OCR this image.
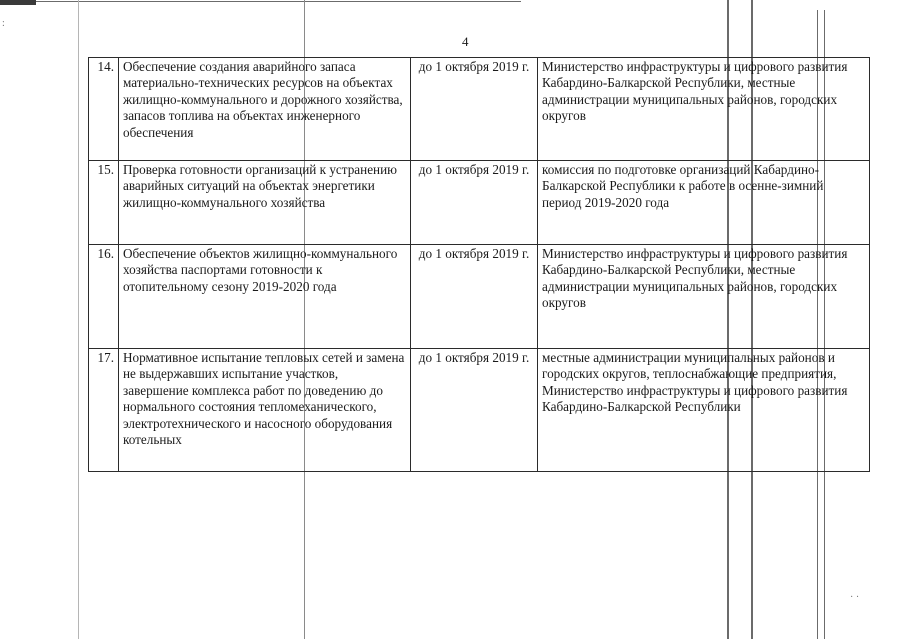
:
· ·
4
14.	Обеспечение создания аварийного запаса материально-технических ресурсов на объектах жилищно-коммунального и дорожного хозяйства, запасов топлива на объектах инженерного обеспечения	до 1 октября 2019 г.	Министерство инфраструктуры и цифрового развития Кабардино-Балкарской Республики, местные администрации муниципальных районов, городских округов
15.	Проверка готовности организаций к устранению аварийных ситуаций на объектах энергетики жилищно-коммунального хозяйства	до 1 октября 2019 г.	комиссия по подготовке организаций Кабардино-Балкарской Республики к работе в осенне-зимний период 2019-2020 года
16.	Обеспечение объектов жилищно-коммунального хозяйства паспортами готовности к отопительному сезону 2019-2020 года	до 1 октября 2019 г.	Министерство инфраструктуры и цифрового развития Кабардино-Балкарской Республики, местные администрации муниципальных районов, городских округов
17.	Нормативное испытание тепловых сетей и замена не выдержавших испытание участков, завершение комплекса работ по доведению до нормального состояния тепломеханического, электротехнического и насосного оборудования котельных	до 1 октября 2019 г.	местные администрации муниципальных районов и городских округов, теплоснабжающие предприятия, Министерство инфраструктуры и цифрового развития Кабардино-Балкарской Республики
